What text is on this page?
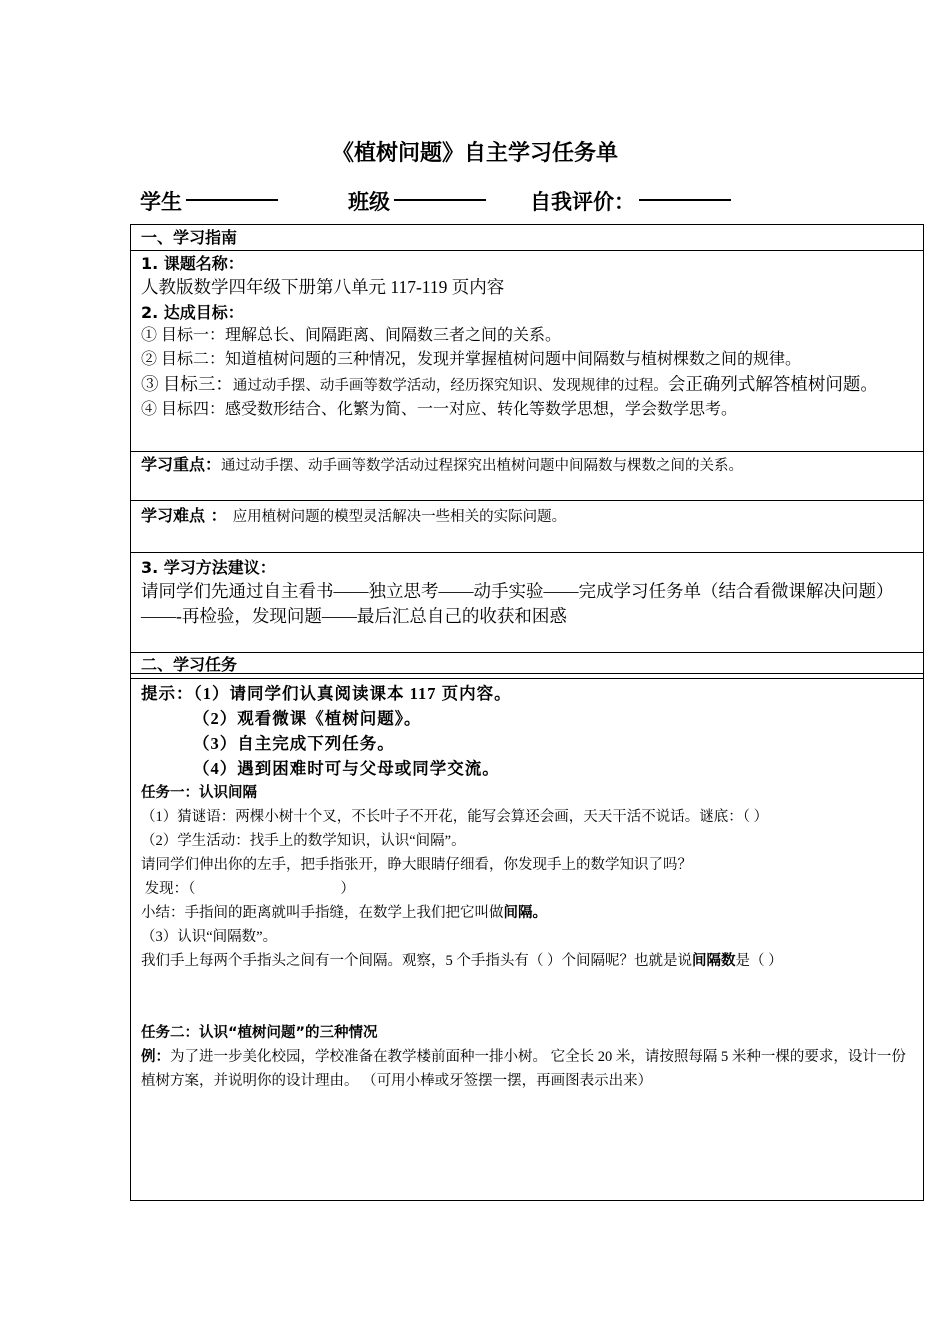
《植树问题》自主学习任务单
学生	班级	自我评价：
一、学习指南

1. 课题名称：

人教版数学四年级下册第八单元 117-119 页内容

2. 达成目标：

① 目标一：理解总长、间隔距离、间隔数三者之间的关系。

② 目标二：知道植树问题的三种情况，发现并掌握植树问题中间隔数与植树棵数之间的规律。

③ 目标三：通过动手摆、动手画等数学活动，经历探究知识、发现规律的过程。会正确列式解答植树问题。

④ 目标四：感受数形结合、化繁为简、一一对应、转化等数学思想，学会数学思考。

学习重点：通过动手摆、动手画等数学活动过程探究出植树问题中间隔数与棵数之间的关系。
学习难点 ： 应用植树问题的模型灵活解决一些相关的实际问题。

3. 学习方法建议：

请同学们先通过自主看书——独立思考——动手实验——完成学习任务单（结合看微课解决问题）——-再检验，发现问题——最后汇总自己的收获和困惑

二、学习任务

提示：（1）请同学们认真阅读课本 117 页内容。

（2）观看微课《植树问题》。

（3）自主完成下列任务。

（4）遇到困难时可与父母或同学交流。

任务一：认识间隔

（1）猜谜语：两棵小树十个叉，不长叶子不开花，能写会算还会画，天天干活不说话。谜底：（ ）

（2）学生活动：找手上的数学知识，认识“间隔”。

请同学们伸出你的左手，把手指张开，睁大眼睛仔细看，你发现手上的数学知识了吗？

发现：（                                        ）

小结：手指间的距离就叫手指缝，在数学上我们把它叫做间隔。

（3）认识“间隔数”。

我们手上每两个手指头之间有一个间隔。观察，5 个手指头有（ ）个间隔呢？也就是说间隔数是（ ）

任务二：认识“植树问题”的三种情况

例：为了进一步美化校园，学校准备在教学楼前面种一排小树。 它全长 20 米，请按照每隔 5 米种一棵的要求，设计一份植树方案，并说明你的设计理由。 （可用小棒或牙签摆一摆，再画图表示出来）
